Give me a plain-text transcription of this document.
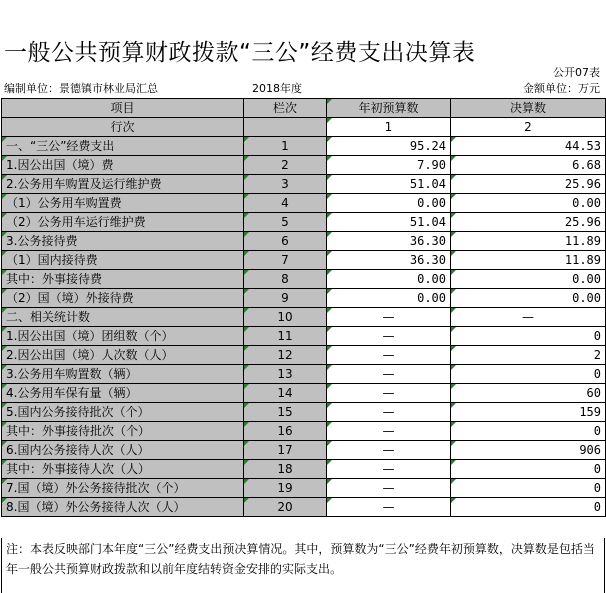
一般公共预算财政拨款“三公”经费支出决算表
公开07表
编制单位：景德镇市林业局汇总	2018年度	金额单位：万元
项目	栏次	年初预算数	决算数
行次		1	2
一、“三公”经费支出	1	95.24	44.53
1.因公出国（境）费	2	7.90	6.68
2.公务用车购置及运行维护费	3	51.04	25.96
（1）公务用车购置费	4	0.00	0.00
（2）公务用车运行维护费	5	51.04	25.96
3.公务接待费	6	36.30	11.89
（1）国内接待费	7	36.30	11.89
其中：外事接待费	8	0.00	0.00
（2）国（境）外接待费	9	0.00	0.00
二、相关统计数	10	—	—
1.因公出国（境）团组数（个）	11	—	0
2.因公出国（境）人次数（人）	12	—	2
3.公务用车购置数（辆）	13	—	0
4.公务用车保有量（辆）	14	—	60
5.国内公务接待批次（个）	15	—	159
其中：外事接待批次（个）	16	—	0
6.国内公务接待人次（人）	17	—	906
其中：外事接待人次（人）	18	—	0
7.国（境）外公务接待批次（个）	19	—	0
8.国（境）外公务接待人次（人）	20	—	0
注：本表反映部门本年度“三公”经费支出预决算情况。其中，预算数为“三公”经费年初预算数，决算数是包括当年一般公共预算财政拨款和以前年度结转资金安排的实际支出。
